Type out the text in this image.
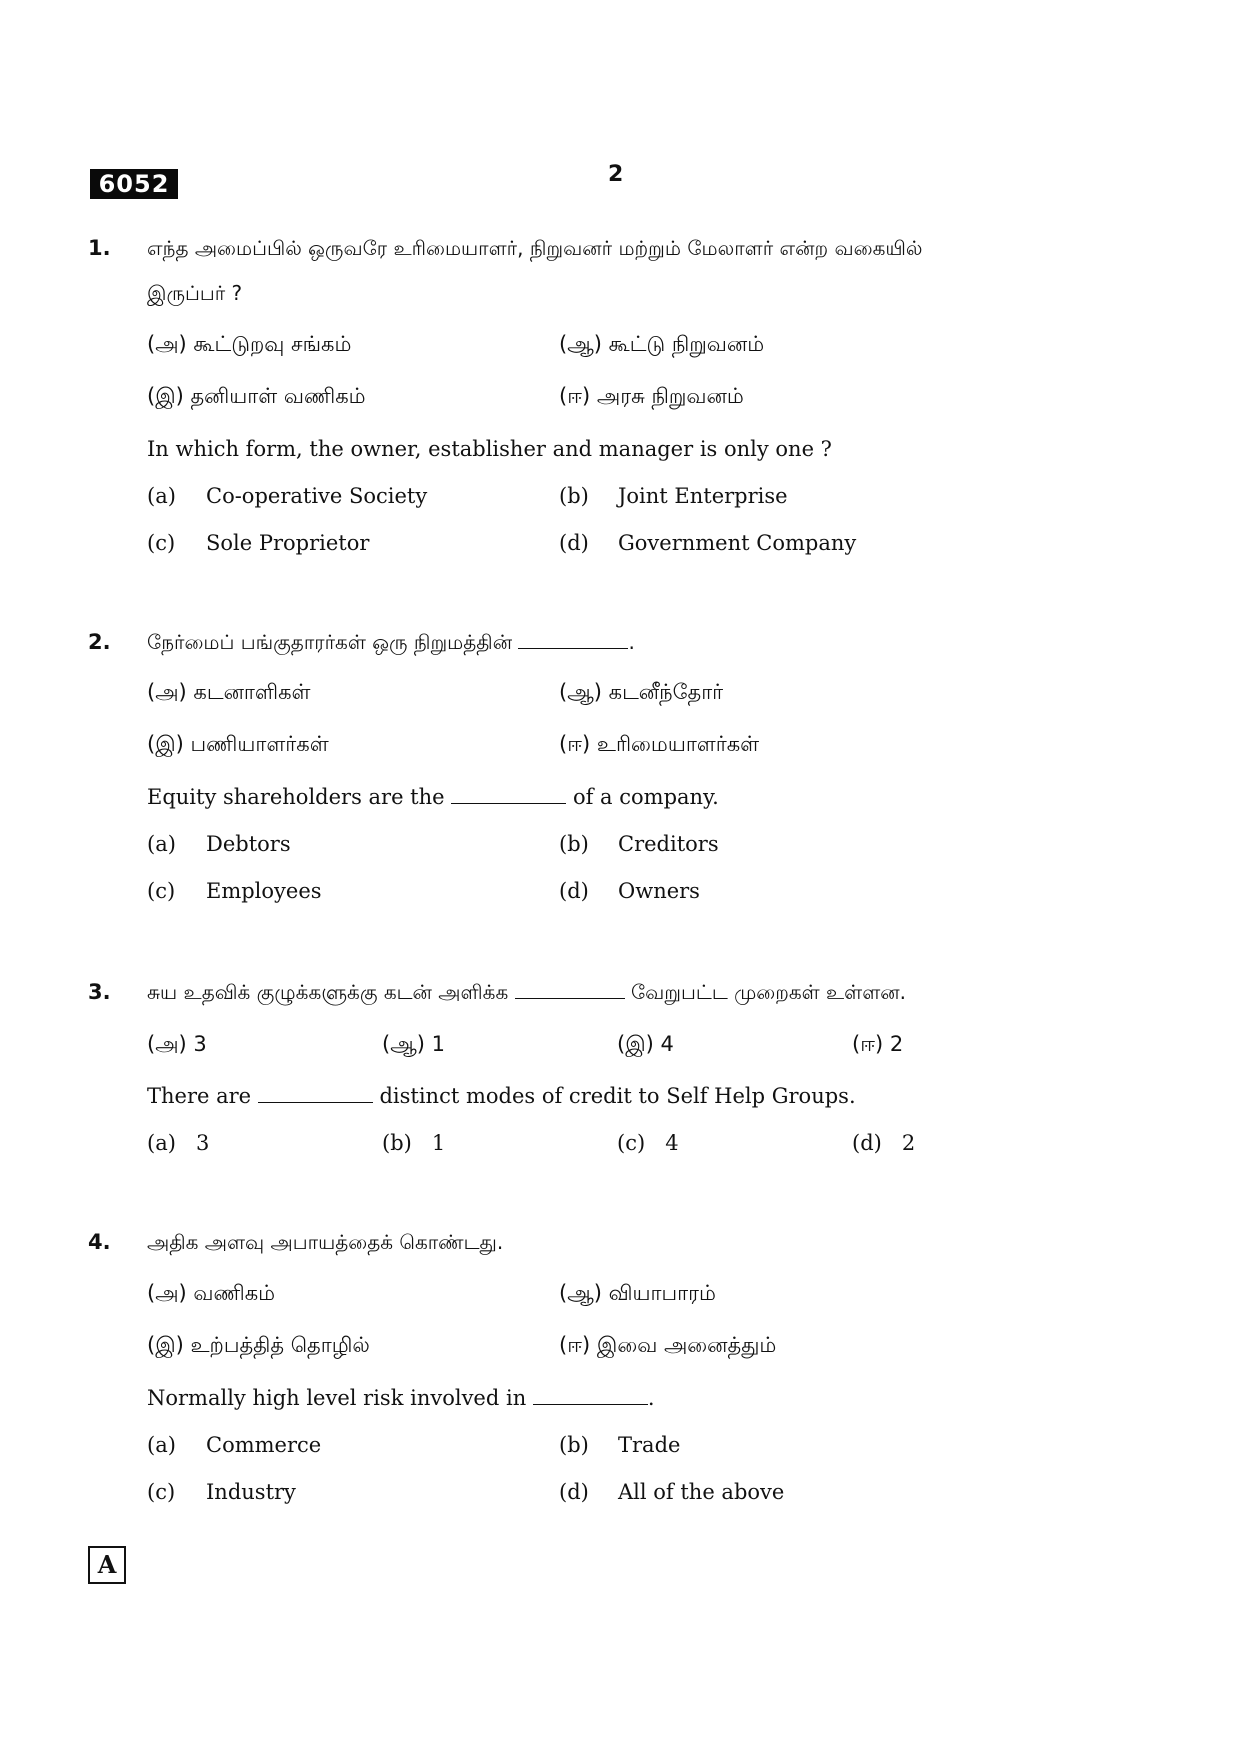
6052	2
1. எந்த அமைப்பில் ஒருவரே உரிமையாளர், நிறுவனர் மற்றும் மேலாளர் என்ற வகையில்
இருப்பர் ?
(அ) கூட்டுறவு சங்கம்	(ஆ) கூட்டு நிறுவனம்
(இ) தனியாள் வணிகம்	(ஈ) அரசு நிறுவனம்
In which form, the owner, establisher and manager is only one ?
(a) Co-operative Society	(b) Joint Enterprise
(c) Sole Proprietor	(d) Government Company
2. நேர்மைப் பங்குதாரர்கள் ஒரு நிறுமத்தின்	.
(அ) கடனாளிகள்	(ஆ) கடனீந்தோர்
(இ) பணியாளர்கள்	(ஈ) உரிமையாளர்கள்
Equity shareholders are the	of a company.
(a) Debtors	(b) Creditors
(c) Employees	(d) Owners
3. சுய உதவிக் குழுக்களுக்கு கடன் அளிக்க	வேறுபட்ட முறைகள் உள்ளன.
(அ) 3	(ஆ) 1	(இ) 4	(ஈ) 2
There are	distinct modes of credit to Self Help Groups.
(a) 3	(b) 1	(c) 4	(d) 2
4. அதிக அளவு அபாயத்தைக் கொண்டது.
(அ) வணிகம்	(ஆ) வியாபாரம்
(இ) உற்பத்தித் தொழில்	(ஈ) இவை அனைத்தும்
Normally high level risk involved in	.
(a) Commerce	(b) Trade
(c) Industry	(d) All of the above
A
